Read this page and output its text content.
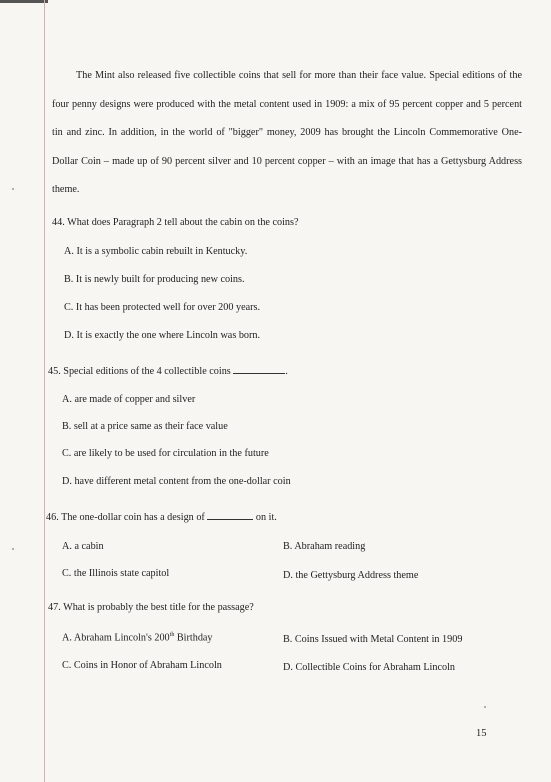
The Mint also released five collectible coins that sell for more than their face value. Special editions of the four penny designs were produced with the metal content used in 1909: a mix of 95 percent copper and 5 percent tin and zinc. In addition, in the world of "bigger" money, 2009 has brought the Lincoln Commemorative One-Dollar Coin – made up of 90 percent silver and 10 percent copper – with an image that has a Gettysburg Address theme.
44. What does Paragraph 2 tell about the cabin on the coins?
A. It is a symbolic cabin rebuilt in Kentucky.
B. It is newly built for producing new coins.
C. It has been protected well for over 200 years.
D. It is exactly the one where Lincoln was born.
45. Special editions of the 4 collectible coins	.
A. are made of copper and silver
B. sell at a price same as their face value
C. are likely to be used for circulation in the future
D. have different metal content from the one-dollar coin
46. The one-dollar coin has a design of	on it.
A. a cabin	B. Abraham reading
C. the Illinois state capitol	D. the Gettysburg Address theme
47. What is probably the best title for the passage?
A. Abraham Lincoln's 200th Birthday	B. Coins Issued with Metal Content in 1909
C. Coins in Honor of Abraham Lincoln	D. Collectible Coins for Abraham Lincoln
15
